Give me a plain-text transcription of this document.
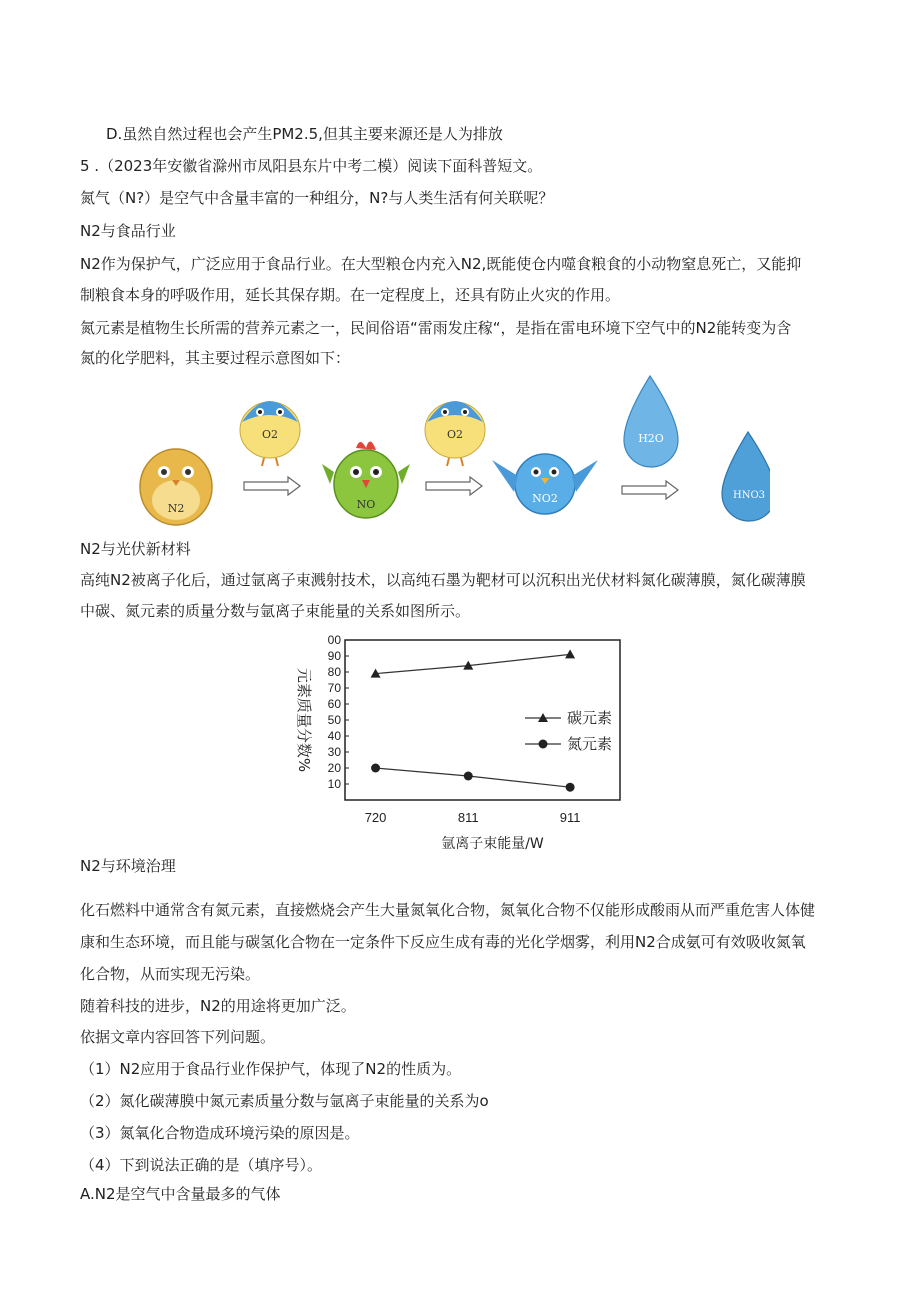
D.虽然自然过程也会产生PM2.5,但其主要来源还是人为排放
5 .（2023年安徽省滁州市凤阳县东片中考二模）阅读下面科普短文。
氮气（N?）是空气中含量丰富的一种组分，N?与人类生活有何关联呢？
N2与食品行业
N2作为保护气，广泛应用于食品行业。在大型粮仓内充入N2,既能使仓内噬食粮食的小动物窒息死亡，又能抑
制粮食本身的呼吸作用，延长其保存期。在一定程度上，还具有防止火灾的作用。
氮元素是植物生长所需的营养元素之一，民间俗语“雷雨发庄稼“，是指在雷电环境下空气中的N2能转变为含
氮的化学肥料，其主要过程示意图如下：
N2
O2
NO
O2
NO2
H2O
HNO3
N2与光伏新材料
高纯N2被离子化后，通过氩离子束溅射技术，以高纯石墨为靶材可以沉积出光伏材料氮化碳薄膜，氮化碳薄膜
中碳、氮元素的质量分数与氩离子束能量的关系如图所示。
00
90
80
70
60
50
40
30
20
10
720	811	911
氩离子束能量/W
元素质量分数%	碳元素
氮元素
N2与环境治理
化石燃料中通常含有氮元素，直接燃烧会产生大量氮氧化合物，氮氧化合物不仅能形成酸雨从而严重危害人体健
康和生态环境，而且能与碳氢化合物在一定条件下反应生成有毒的光化学烟雾，利用N2合成氨可有效吸收氮氧
化合物，从而实现无污染。
随着科技的进步，N2的用途将更加广泛。
依据文章内容回答下列问题。
（1）N2应用于食品行业作保护气，体现了N2的性质为。
（2）氮化碳薄膜中氮元素质量分数与氩离子束能量的关系为o
（3）氮氧化合物造成环境污染的原因是。
（4）下到说法正确的是（填序号）。
A.N2是空气中含量最多的气体
